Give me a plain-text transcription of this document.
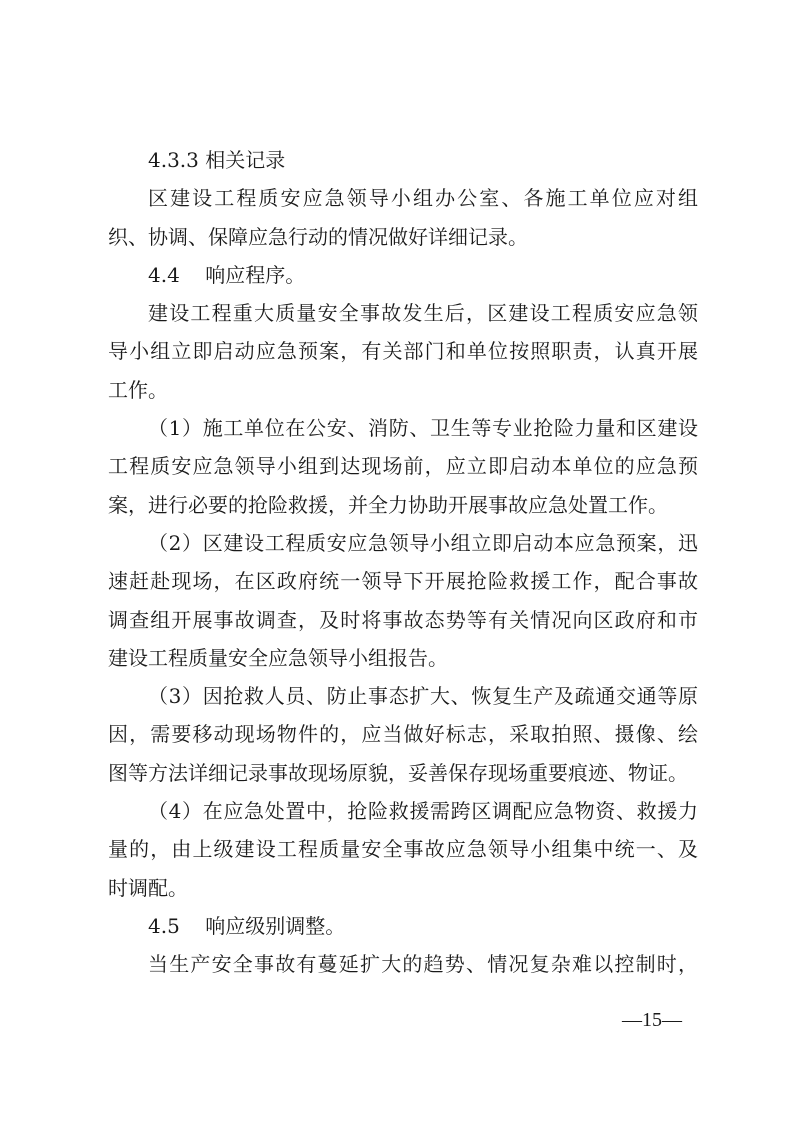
4.3.3 相关记录
区建设工程质安应急领导小组办公室、各施工单位应对组
织、协调、保障应急行动的情况做好详细记录。
4.4    响应程序。
建设工程重大质量安全事故发生后，区建设工程质安应急领
导小组立即启动应急预案，有关部门和单位按照职责，认真开展
工作。
（1）施工单位在公安、消防、卫生等专业抢险力量和区建设
工程质安应急领导小组到达现场前，应立即启动本单位的应急预
案，进行必要的抢险救援，并全力协助开展事故应急处置工作。
（2）区建设工程质安应急领导小组立即启动本应急预案，迅
速赶赴现场，在区政府统一领导下开展抢险救援工作，配合事故
调查组开展事故调查，及时将事故态势等有关情况向区政府和市
建设工程质量安全应急领导小组报告。
（3）因抢救人员、防止事态扩大、恢复生产及疏通交通等原
因，需要移动现场物件的，应当做好标志，采取拍照、摄像、绘
图等方法详细记录事故现场原貌，妥善保存现场重要痕迹、物证。
（4）在应急处置中，抢险救援需跨区调配应急物资、救援力
量的，由上级建设工程质量安全事故应急领导小组集中统一、及
时调配。
4.5    响应级别调整。
当生产安全事故有蔓延扩大的趋势、情况复杂难以控制时，
—15—
